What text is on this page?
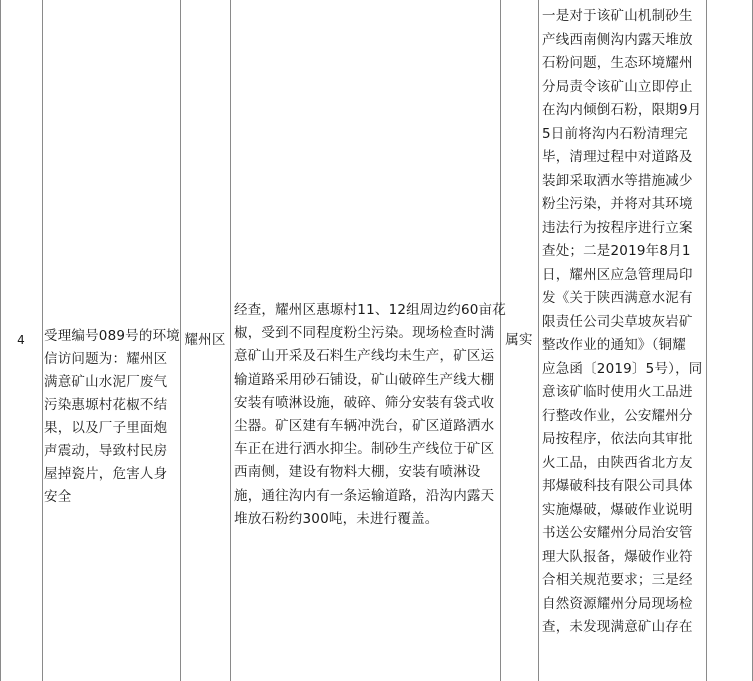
4	受理编号089号的环境
信访问题为：耀州区
满意矿山水泥厂废气
污染惠塬村花椒不结
果，以及厂子里面炮
声震动，导致村民房
屋掉瓷片，危害人身
安全
耀州区
经查，耀州区惠塬村11、12组周边约60亩花
椒，受到不同程度粉尘污染。现场检查时满
意矿山开采及石料生产线均未生产，矿区运
输道路采用砂石铺设，矿山破碎生产线大棚
安装有喷淋设施，破碎、筛分安装有袋式收
尘器。矿区建有车辆冲洗台，矿区道路洒水
车正在进行洒水抑尘。制砂生产线位于矿区
西南侧，建设有物料大棚，安装有喷淋设
施，通往沟内有一条运输道路，沿沟内露天
堆放石粉约300吨，未进行覆盖。
属实
一是对于该矿山机制砂生
产线西南侧沟内露天堆放
石粉问题，生态环境耀州
分局责令该矿山立即停止
在沟内倾倒石粉，限期9月
5日前将沟内石粉清理完
毕，清理过程中对道路及
装卸采取洒水等措施减少
粉尘污染，并将对其环境
违法行为按程序进行立案
查处；二是2019年8月1
日，耀州区应急管理局印
发《关于陕西满意水泥有
限责任公司尖草坡灰岩矿
整改作业的通知》（铜耀
应急函〔2019〕5号），同
意该矿临时使用火工品进
行整改作业，公安耀州分
局按程序，依法向其审批
火工品，由陕西省北方友
邦爆破科技有限公司具体
实施爆破，爆破作业说明
书送公安耀州分局治安管
理大队报备，爆破作业符
合相关规范要求；三是经
自然资源耀州分局现场检
查，未发现满意矿山存在
